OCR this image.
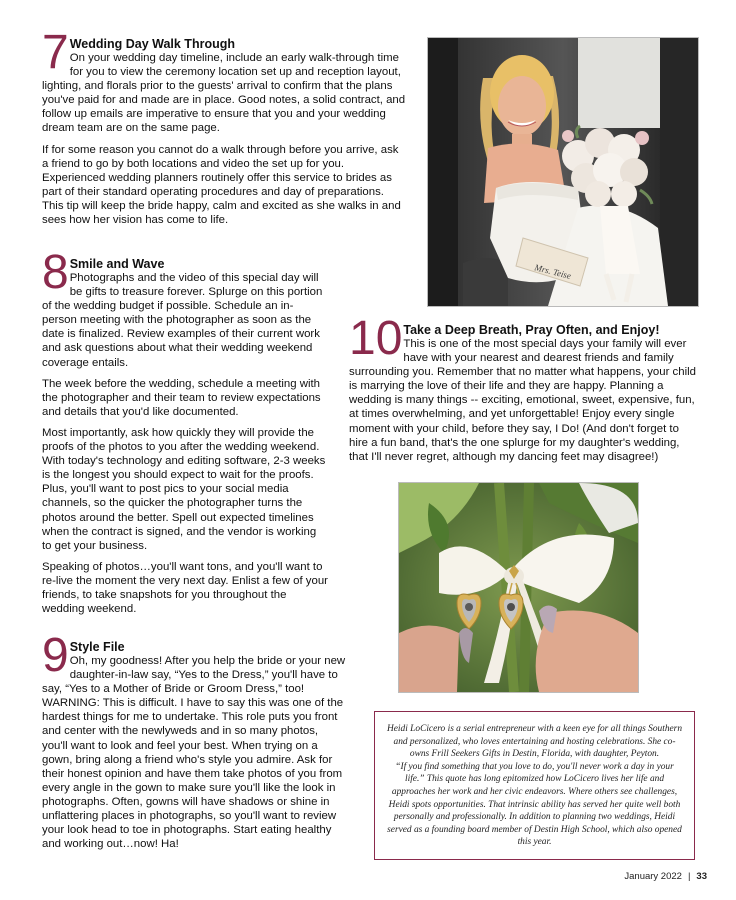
7 Wedding Day Walk Through

On your wedding day timeline, include an early walk-through time for you to view the ceremony location set up and reception layout, lighting, and florals prior to the guests' arrival to confirm that the plans you've paid for and made are in place. Good notes, a solid contract, and follow up emails are imperative to ensure that you and your wedding dream team are on the same page.

If for some reason you cannot do a walk through before you arrive, ask a friend to go by both locations and video the set up for you. Experienced wedding planners routinely offer this service to brides as part of their standard operating procedures and day of preparations. This tip will keep the bride happy, calm and excited as she walks in and sees how her vision has come to life.

8 Smile and Wave

Photographs and the video of this special day will be gifts to treasure forever. Splurge on this portion of the wedding budget if possible. Schedule an in-person meeting with the photographer as soon as the date is finalized. Review examples of their current work and ask questions about what their wedding weekend coverage entails.

The week before the wedding, schedule a meeting with the photographer and their team to review expectations and details that you'd like documented.

Most importantly, ask how quickly they will provide the proofs of the photos to you after the wedding weekend. With today's technology and editing software, 2-3 weeks is the longest you should expect to wait for the proofs. Plus, you'll want to post pics to your social media channels, so the quicker the photographer turns the photos around the better. Spell out expected timelines when the contract is signed, and the vendor is working to get your business.

Speaking of photos…you'll want tons, and you'll want to re-live the moment the very next day. Enlist a few of your friends, to take snapshots for you throughout the wedding weekend.

9 Style File

Oh, my goodness! After you help the bride or your new daughter-in-law say, “Yes to the Dress,” you'll have to say, “Yes to a Mother of Bride or Groom Dress,” too! WARNING: This is difficult. I have to say this was one of the hardest things for me to undertake. This role puts you front and center with the newlyweds and in so many photos, you'll want to look and feel your best. When trying on a gown, bring along a friend who's style you admire. Ask for their honest opinion and have them take photos of you from every angle in the gown to make sure you'll like the look in photographs. Often, gowns will have shadows or shine in unflattering places in photographs, so you'll want to review your look head to toe in photographs. Start eating healthy and working out…now! Ha!

10 Take a Deep Breath, Pray Often, and Enjoy!

This is one of the most special days your family will ever have with your nearest and dearest friends and family surrounding you. Remember that no matter what happens, your child is marrying the love of their life and they are happy. Planning a wedding is many things -- exciting, emotional, sweet, expensive, fun, at times overwhelming, and yet unforgettable! Enjoy every single moment with your child, before they say, I Do! (And don't forget to hire a fun band, that's the one splurge for my daughter's wedding, that I'll never regret, although my dancing feet may disagree!)

Mrs. Teise

Heidi LoCicero is a serial entrepreneur with a keen eye for all things Southern and personalized, who loves entertaining and hosting celebrations. She co-owns Frill Seekers Gifts in Destin, Florida, with daughter, Peyton.

“If you find something that you love to do, you'll never work a day in your life.” This quote has long epitomized how LoCicero lives her life and approaches her work and her civic endeavors. Where others see challenges, Heidi spots opportunities. That intrinsic ability has served her quite well both personally and professionally. In addition to planning two weddings, Heidi served as a founding board member of Destin High School, which also opened this year.

January 2022 | 33
